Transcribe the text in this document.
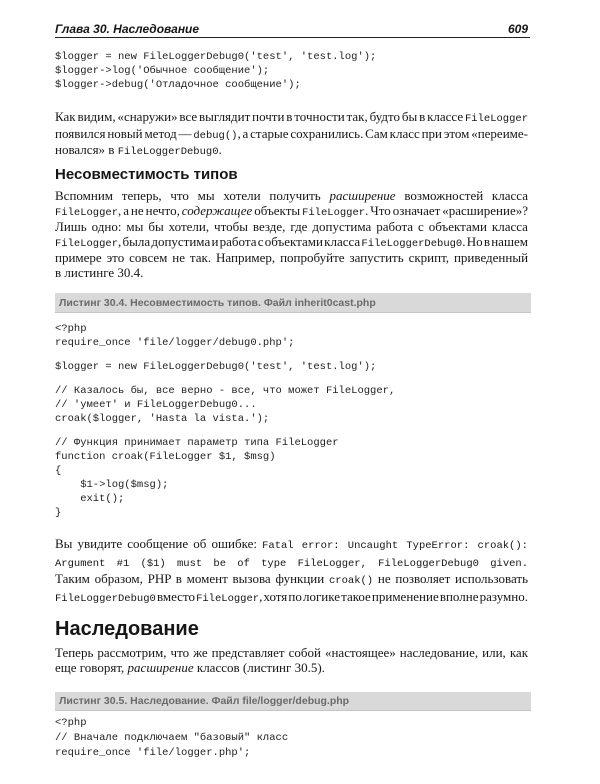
Глава 30. Наследование	609
$logger = new FileLoggerDebug0('test', 'test.log');
$logger->log('Обычное сообщение');
$logger->debug('Отладочное сообщение');
Как видим, «снаружи» все выглядит почти в точности так, будто бы в классе FileLogger
появился новый метод — debug(), а старые сохранились. Сам класс при этом «переиме-
новался» в FileLoggerDebug0.
Несовместимость типов
Вспомним теперь, что мы хотели получить расширение возможностей класса
FileLogger, а не нечто, содержащее объекты FileLogger. Что означает «расширение»?
Лишь одно: мы бы хотели, чтобы везде, где допустима работа с объектами класса
FileLogger, была допустима и работа с объектами класса FileLoggerDebug0. Но в нашем
примере это совсем не так. Например, попробуйте запустить скрипт, приведенный
в листинге 30.4.
Листинг 30.4. Несовместимость типов. Файл inherit0cast.php
<?php
require_once 'file/logger/debug0.php';
$logger = new FileLoggerDebug0('test', 'test.log');
// Казалось бы, все верно - все, что может FileLogger,
// 'умеет' и FileLoggerDebug0...
croak($logger, 'Hasta la vista.');
// Функция принимает параметр типа FileLogger
function croak(FileLogger $1, $msg)
{
$1->log($msg);
exit();
}
Вы увидите сообщение об ошибке: Fatal error: Uncaught TypeError: croak():
Argument #1 ($1) must be of type FileLogger, FileLoggerDebug0 given.
Таким образом, PHP в момент вызова функции croak() не позволяет использовать
FileLoggerDebug0 вместо FileLogger, хотя по логике такое применение вполне разумно.
Наследование
Теперь рассмотрим, что же представляет собой «настоящее» наследование, или, как
еще говорят, расширение классов (листинг 30.5).
Листинг 30.5. Наследование. Файл file/logger/debug.php
<?php
// Вначале подключаем "базовый" класс
require_once 'file/logger.php';
